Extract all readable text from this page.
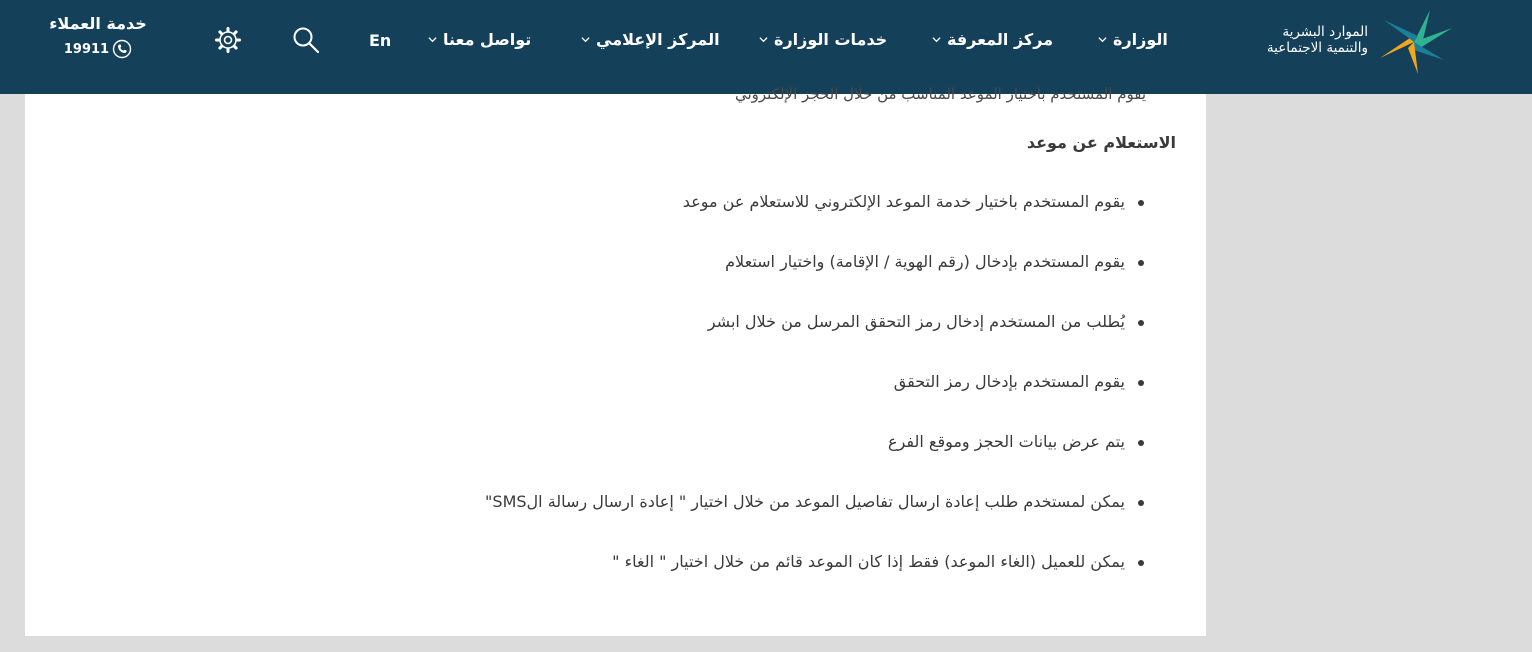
الموارد البشرية
والتنمية الاجتماعية
الوزارة
مركز المعرفة
خدمات الوزارة
المركز الإعلامي
تواصل معنا
En
خدمة العملاء
19911
يقوم المستخدم باختيار الموعد المناسب من خلال الحجز الإلكتروني
الاستعلام عن موعد
يقوم المستخدم باختيار خدمة الموعد الإلكتروني للاستعلام عن موعد
يقوم المستخدم بإدخال (رقم الهوية / الإقامة) واختيار استعلام
يُطلب من المستخدم إدخال رمز التحقق المرسل من خلال ابشر
يقوم المستخدم بإدخال رمز التحقق
يتم عرض بيانات الحجز وموقع الفرع
يمكن لمستخدم طلب إعادة ارسال تفاصيل الموعد من خلال اختيار " إعادة ارسال رسالة الSMS"
يمكن للعميل (الغاء الموعد) فقط إذا كان الموعد قائم من خلال اختيار " الغاء "
